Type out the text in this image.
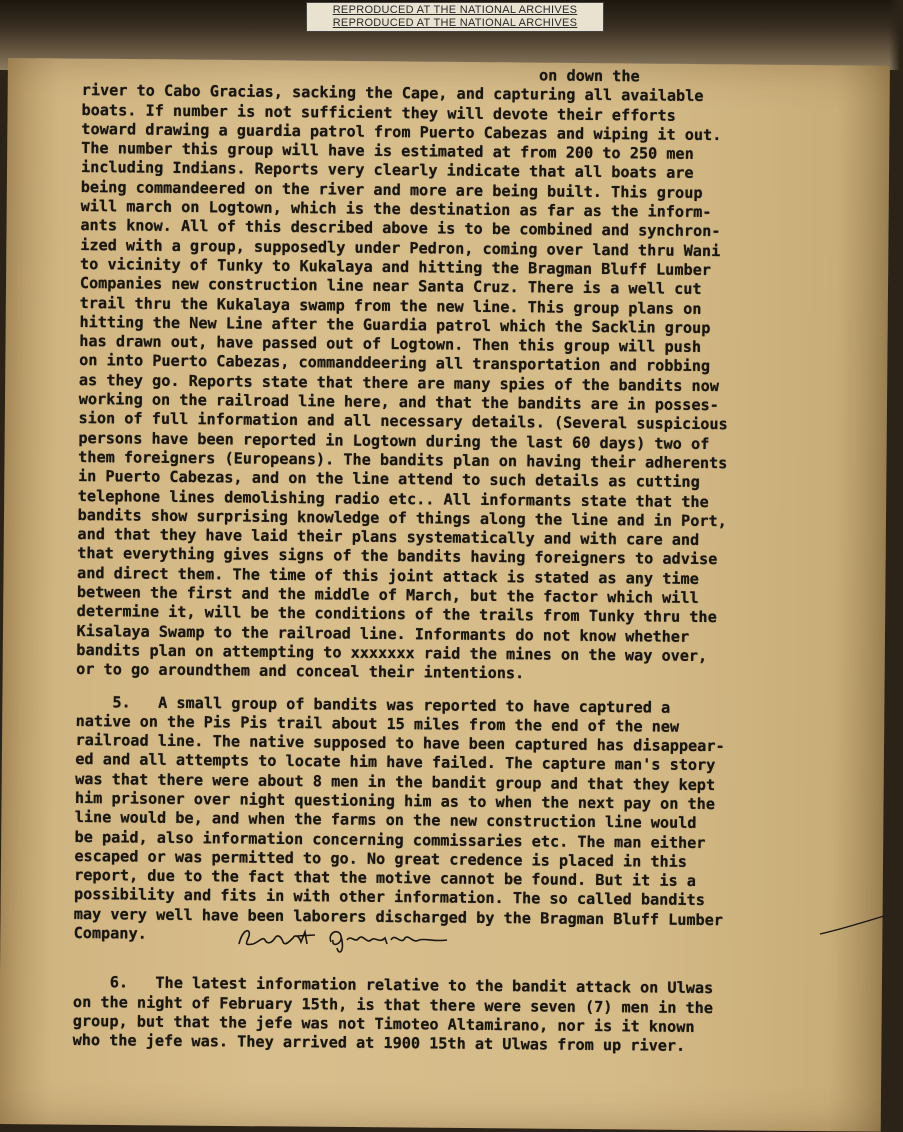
REPRODUCED AT THE NATIONAL ARCHIVES
REPRODUCED AT THE NATIONAL ARCHIVES
on down the
river to Cabo Gracias, sacking the Cape, and capturing all available
boats. If number is not sufficient they will devote their efforts
toward drawing a guardia patrol from Puerto Cabezas and wiping it out.
The number this group will have is estimated at from 200 to 250 men
including Indians. Reports very clearly indicate that all boats are
being commandeered on the river and more are being built. This group
will march on Logtown, which is the destination as far as the inform-
ants know. All of this described above is to be combined and synchron-
ized with a group, supposedly under Pedron, coming over land thru Wani
to vicinity of Tunky to Kukalaya and hitting the Bragman Bluff Lumber
Companies new construction line near Santa Cruz. There is a well cut
trail thru the Kukalaya swamp from the new line. This group plans on
hitting the New Line after the Guardia patrol which the Sacklin group
has drawn out, have passed out of Logtown. Then this group will push
on into Puerto Cabezas, commanddeering all transportation and robbing
as they go. Reports state that there are many spies of the bandits now
working on the railroad line here, and that the bandits are in posses-
sion of full information and all necessary details. (Several suspicious
persons have been reported in Logtown during the last 60 days) two of
them foreigners (Europeans). The bandits plan on having their adherents
in Puerto Cabezas, and on the line attend to such details as cutting
telephone lines demolishing radio etc.. All informants state that the
bandits show surprising knowledge of things along the line and in Port,
and that they have laid their plans systematically and with care and
that everything gives signs of the bandits having foreigners to advise
and direct them. The time of this joint attack is stated as any time
between the first and the middle of March, but the factor which will
determine it, will be the conditions of the trails from Tunky thru the
Kisalaya Swamp to the railroad line. Informants do not know whether
bandits plan on attempting to xxxxxxx raid the mines on the way over,
or to go aroundthem and conceal their intentions.
5.   A small group of bandits was reported to have captured a
native on the Pis Pis trail about 15 miles from the end of the new
railroad line. The native supposed to have been captured has disappear-
ed and all attempts to locate him have failed. The capture man's story
was that there were about 8 men in the bandit group and that they kept
him prisoner over night questioning him as to when the next pay on the
line would be, and when the farms on the new construction line would
be paid, also information concerning commissaries etc. The man either
escaped or was permitted to go. No great credence is placed in this
report, due to the fact that the motive cannot be found. But it is a
possibility and fits in with other information. The so called bandits
may very well have been laborers discharged by the Bragman Bluff Lumber
Company.
6.   The latest information relative to the bandit attack on Ulwas
on the night of February 15th, is that there were seven (7) men in the
group, but that the jefe was not Timoteo Altamirano, nor is it known
who the jefe was. They arrived at 1900 15th at Ulwas from up river.
Bandit Operation
